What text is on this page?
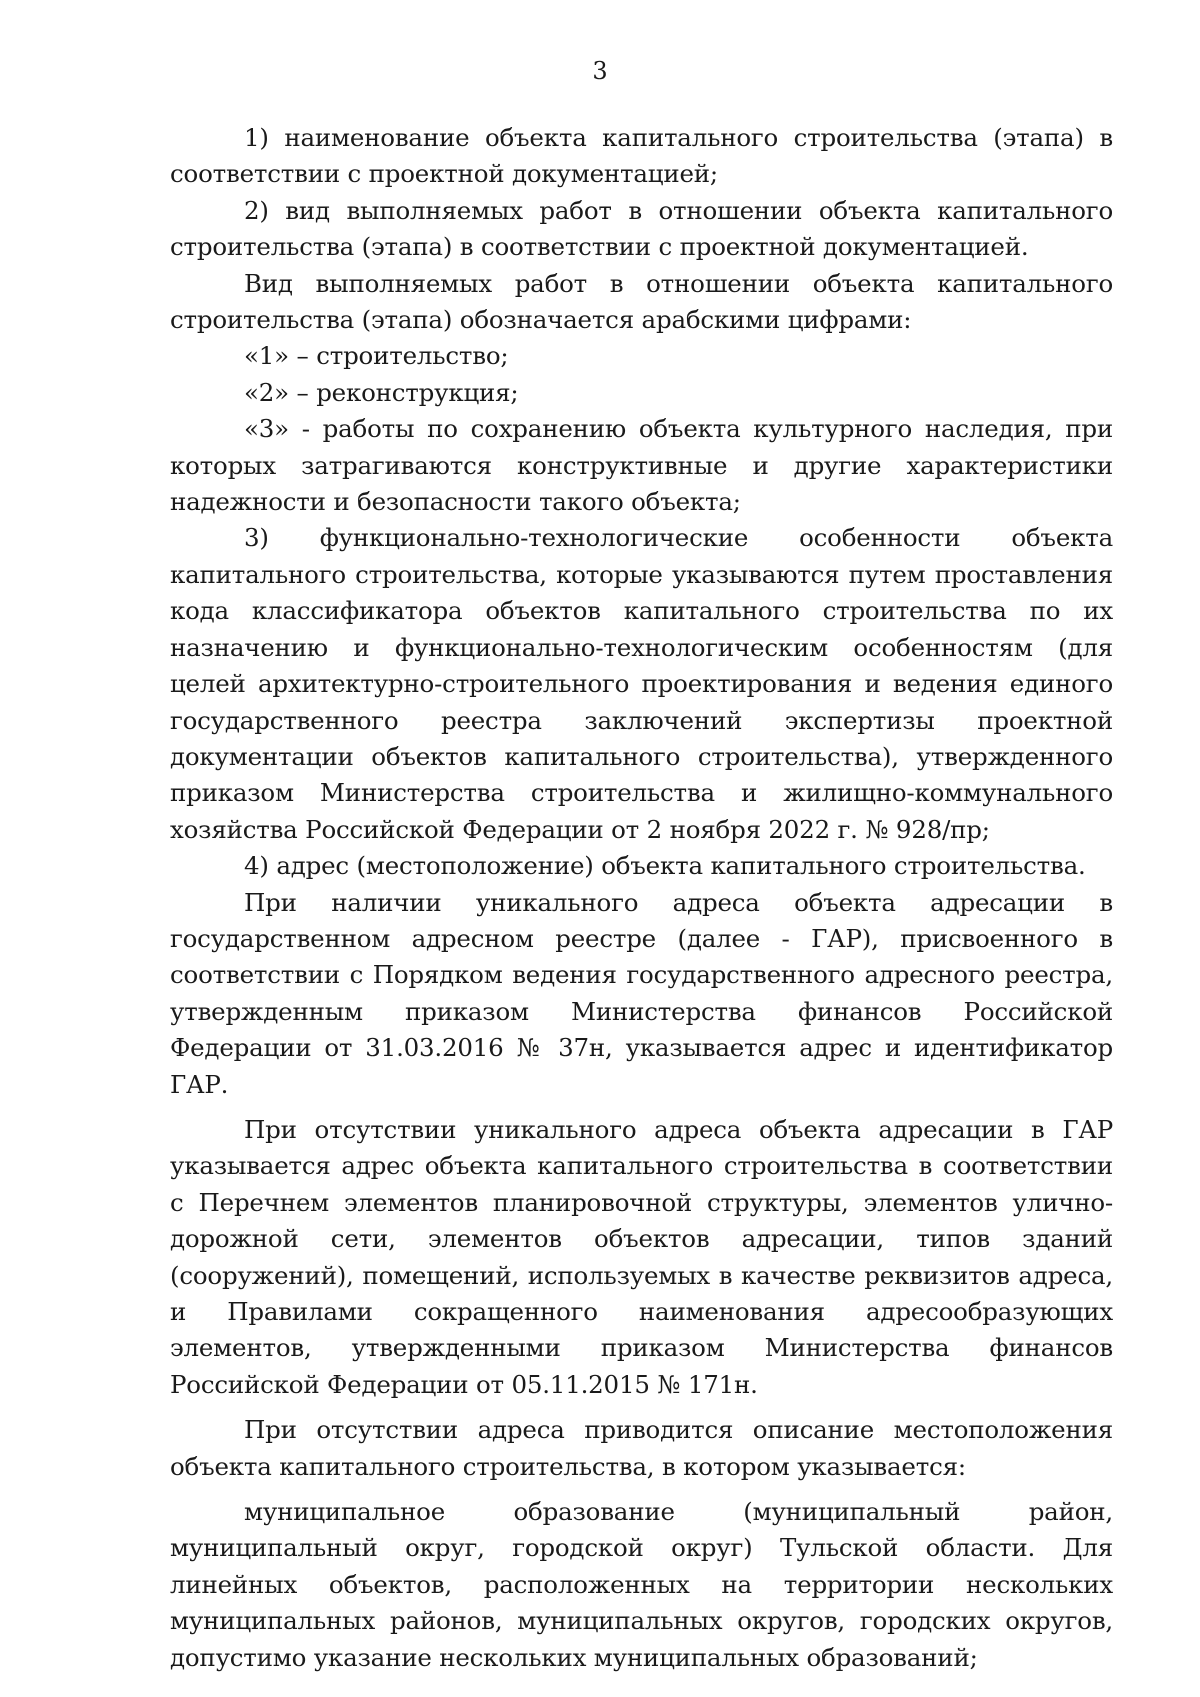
3

1) наименование объекта капитального строительства (этапа) в соответствии с проектной документацией;

2) вид выполняемых работ в отношении объекта капитального строительства (этапа) в соответствии с проектной документацией.

Вид выполняемых работ в отношении объекта капитального строительства (этапа) обозначается арабскими цифрами:

«1» – строительство;

«2» – реконструкция;

«3» - работы по сохранению объекта культурного наследия, при которых затрагиваются конструктивные и другие характеристики надежности и безопасности такого объекта;

3) функционально-технологические особенности объекта капитального строительства, которые указываются путем проставления кода классификатора объектов капитального строительства по их назначению и функционально-технологическим особенностям (для целей архитектурно-строительного проектирования и ведения единого государственного реестра заключений экспертизы проектной документации объектов капитального строительства), утвержденного приказом Министерства строительства и жилищно-коммунального хозяйства Российской Федерации от 2 ноября 2022 г. № 928/пр;

4) адрес (местоположение) объекта капитального строительства.

При наличии уникального адреса объекта адресации в государственном адресном реестре (далее - ГАР), присвоенного в соответствии с Порядком ведения государственного адресного реестра, утвержденным приказом Министерства финансов Российской Федерации от 31.03.2016 № 37н, указывается адрес и идентификатор ГАР.

При отсутствии уникального адреса объекта адресации в ГАР указывается адрес объекта капитального строительства в соответствии с Перечнем элементов планировочной структуры, элементов улично-дорожной сети, элементов объектов адресации, типов зданий (сооружений), помещений, используемых в качестве реквизитов адреса, и Правилами сокращенного наименования адресообразующих элементов, утвержденными приказом Министерства финансов Российской Федерации от 05.11.2015 № 171н.

При отсутствии адреса приводится описание местоположения объекта капитального строительства, в котором указывается:

муниципальное образование (муниципальный район, муниципальный округ, городской округ) Тульской области. Для линейных объектов, расположенных на территории нескольких муниципальных районов, муниципальных округов, городских округов, допустимо указание нескольких муниципальных образований;
